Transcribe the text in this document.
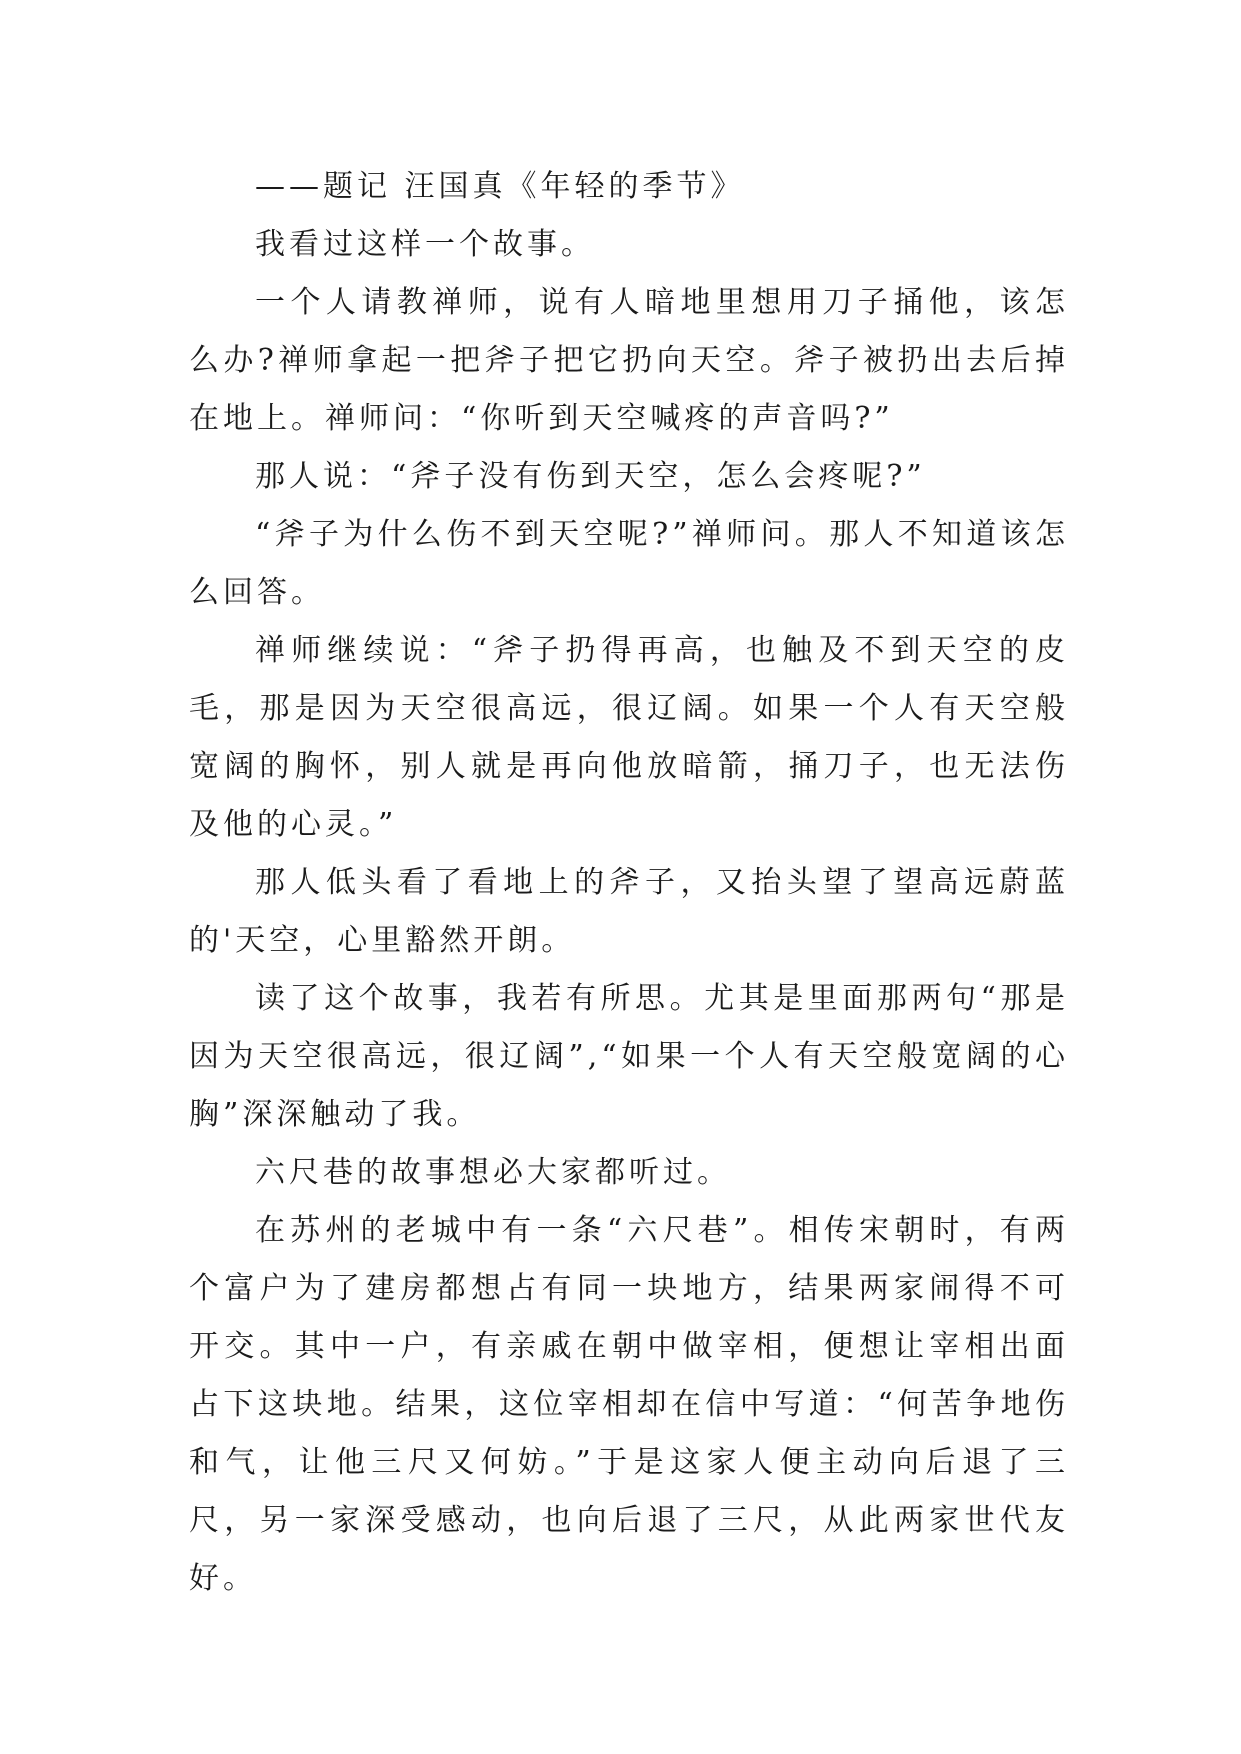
——题记 汪国真《年轻的季节》

我看过这样一个故事。

一个人请教禅师，说有人暗地里想用刀子捅他，该怎么办?禅师拿起一把斧子把它扔向天空。斧子被扔出去后掉在地上。禅师问：“你听到天空喊疼的声音吗?”

那人说：“斧子没有伤到天空，怎么会疼呢?”

“斧子为什么伤不到天空呢?”禅师问。那人不知道该怎么回答。

禅师继续说：“斧子扔得再高，也触及不到天空的皮毛，那是因为天空很高远，很辽阔。如果一个人有天空般宽阔的胸怀，别人就是再向他放暗箭，捅刀子，也无法伤及他的心灵。”

那人低头看了看地上的斧子，又抬头望了望高远蔚蓝的'天空，心里豁然开朗。

读了这个故事，我若有所思。尤其是里面那两句“那是因为天空很高远，很辽阔”,“如果一个人有天空般宽阔的心胸”深深触动了我。

六尺巷的故事想必大家都听过。

在苏州的老城中有一条“六尺巷”。相传宋朝时，有两个富户为了建房都想占有同一块地方，结果两家闹得不可开交。其中一户，有亲戚在朝中做宰相，便想让宰相出面占下这块地。结果，这位宰相却在信中写道：“何苦争地伤和气，让他三尺又何妨。”于是这家人便主动向后退了三尺，另一家深受感动，也向后退了三尺，从此两家世代友好。
